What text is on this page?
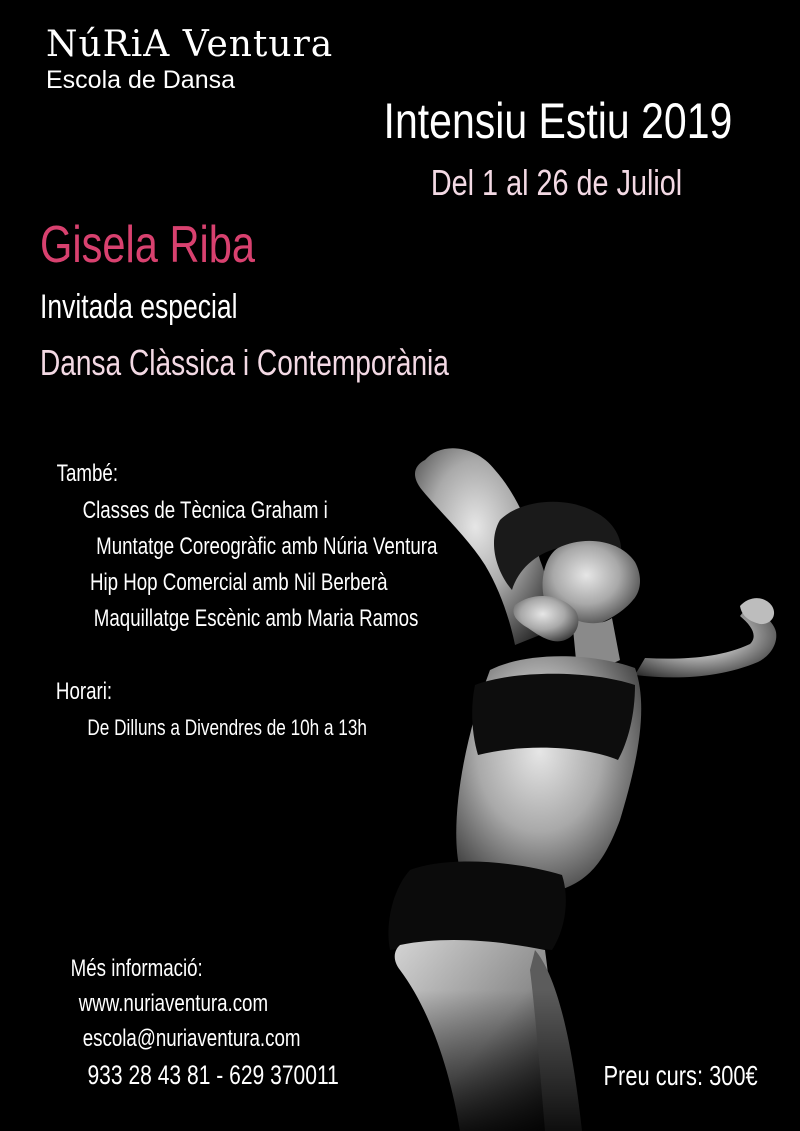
NúRiA Ventura
Escola de Dansa
Intensiu Estiu 2019
Del 1 al 26 de Juliol
Gisela Riba
Invitada especial
Dansa Clàssica i Contemporània
També:
Classes de Tècnica Graham i
Muntatge Coreogràfic amb Núria Ventura
Hip Hop Comercial amb Nil Berberà
Maquillatge Escènic amb Maria Ramos
Horari:
De Dilluns a Divendres de 10h a 13h
Més informació:
www.nuriaventura.com
escola@nuriaventura.com
933 28 43 81 - 629 370011	Preu curs: 300€
